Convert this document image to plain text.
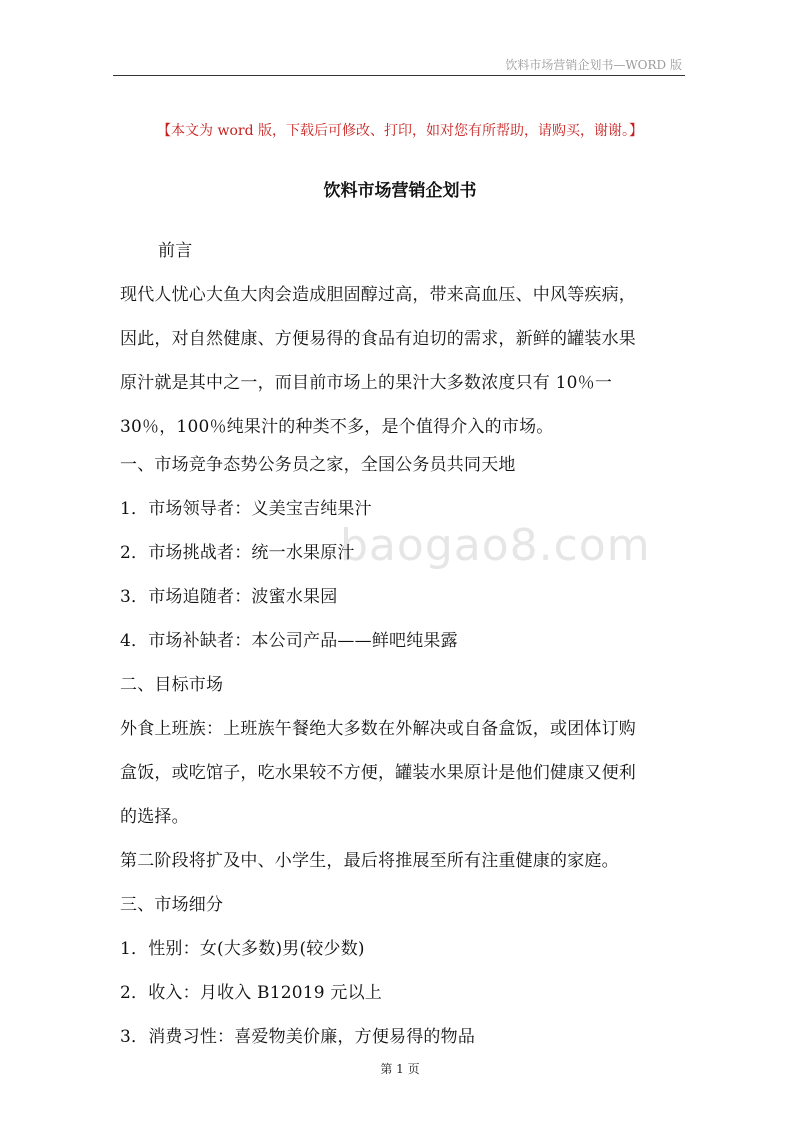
饮料市场营销企划书—WORD 版
【本文为 word 版，下载后可修改、打印，如对您有所帮助，请购买，谢谢。】
饮料市场营销企划书
baogao8.com
前言
现代人忧心大鱼大肉会造成胆固醇过高，带来高血压、中风等疾病，
因此，对自然健康、方便易得的食品有迫切的需求，新鲜的罐装水果
原汁就是其中之一，而目前市场上的果汁大多数浓度只有 10％一
30％，100％纯果汁的种类不多，是个值得介入的市场。
一、市场竞争态势公务员之家，全国公务员共同天地
1．市场领导者：义美宝吉纯果汁
2．市场挑战者：统一水果原汁
3．市场追随者：波蜜水果园
4．市场补缺者：本公司产品——鲜吧纯果露
二、目标市场
外食上班族：上班族午餐绝大多数在外解决或自备盒饭，或团体订购
盒饭，或吃馆子，吃水果较不方便，罐装水果原计是他们健康又便利
的选择。
第二阶段将扩及中、小学生，最后将推展至所有注重健康的家庭。
三、市场细分
1．性别：女(大多数)男(较少数)
2．收入：月收入 B12019 元以上
3．消费习性：喜爱物美价廉，方便易得的物品
第 1 页
